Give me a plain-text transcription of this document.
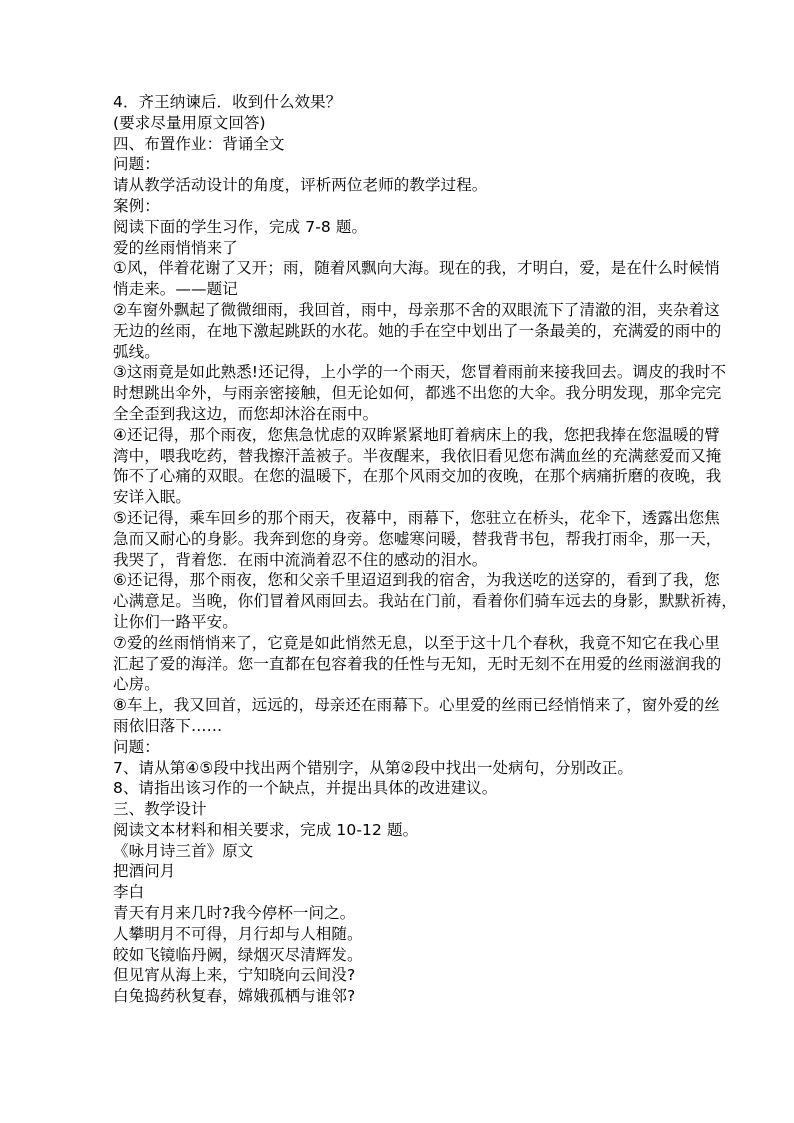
4．齐王纳谏后．收到什么效果？
(要求尽量用原文回答)
四、布置作业：背诵全文
问题：
请从教学活动设计的角度，评析两位老师的教学过程。
案例：
阅读下面的学生习作，完成 7-8 题。
爱的丝雨悄悄来了
①风，伴着花谢了又开；雨，随着风飘向大海。现在的我，才明白，爱，是在什么时候悄
悄走来。——题记
②车窗外飘起了微微细雨，我回首，雨中，母亲那不舍的双眼流下了清澈的泪，夹杂着这
无边的丝雨，在地下激起跳跃的水花。她的手在空中划出了一条最美的，充满爱的雨中的
弧线。
③这雨竟是如此熟悉!还记得，上小学的一个雨天，您冒着雨前来接我回去。调皮的我时不
时想跳出伞外，与雨亲密接触，但无论如何，都逃不出您的大伞。我分明发现，那伞完完
全全歪到我这边，而您却沐浴在雨中。
④还记得，那个雨夜，您焦急忧虑的双眸紧紧地盯着病床上的我，您把我捧在您温暖的臂
湾中，喂我吃药，替我擦汗盖被子。半夜醒来，我依旧看见您布满血丝的充满慈爱而又掩
饰不了心痛的双眼。在您的温暖下，在那个风雨交加的夜晚，在那个病痛折磨的夜晚，我
安详入眠。
⑤还记得，乘车回乡的那个雨天，夜幕中，雨幕下，您驻立在桥头，花伞下，透露出您焦
急而又耐心的身影。我奔到您的身旁。您嘘寒问暖，替我背书包，帮我打雨伞，那一天，
我哭了，背着您．在雨中流淌着忍不住的感动的泪水。
⑥还记得，那个雨夜，您和父亲千里迢迢到我的宿舍，为我送吃的送穿的，看到了我，您
心满意足。当晚，你们冒着风雨回去。我站在门前，看着你们骑车远去的身影，默默祈祷，
让你们一路平安。
⑦爱的丝雨悄悄来了，它竟是如此悄然无息，以至于这十几个春秋，我竟不知它在我心里
汇起了爱的海洋。您一直都在包容着我的任性与无知，无时无刻不在用爱的丝雨滋润我的
心房。
⑧车上，我又回首，远远的，母亲还在雨幕下。心里爱的丝雨已经悄悄来了，窗外爱的丝
雨依旧落下……
问题：
7、请从第④⑤段中找出两个错别字，从第②段中找出一处病句，分别改正。
8、请指出该习作的一个缺点，并提出具体的改进建议。
三、教学设计
阅读文本材料和相关要求，完成 10-12 题。
《咏月诗三首》原文
把酒问月
李白
青天有月来几时?我今停杯一问之。
人攀明月不可得，月行却与人相随。
皎如飞镜临丹阙，绿烟灭尽清辉发。
但见宵从海上来，宁知晓向云间没?
白兔捣药秋复春，嫦娥孤栖与谁邻?
